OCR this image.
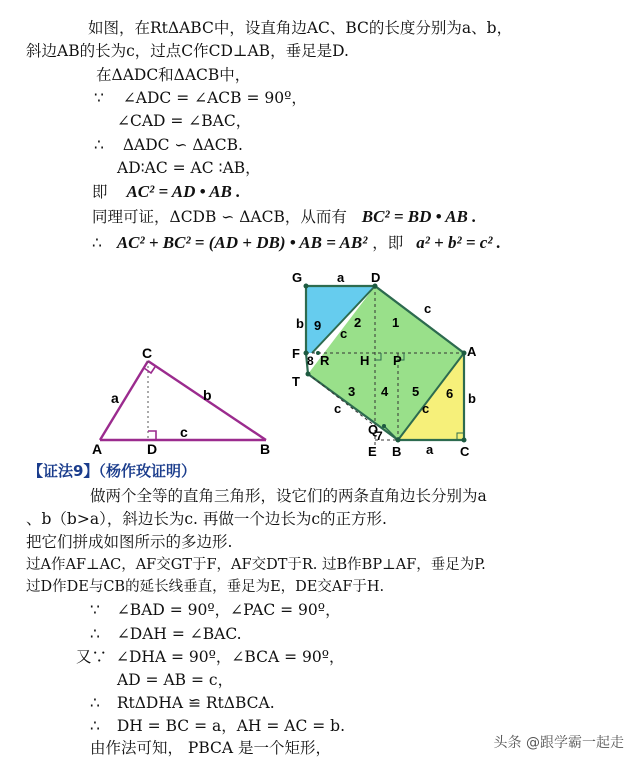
如图，在RtΔABC中，设直角边AC、BC的长度分别为a、b，
斜边AB的长为c，过点C作CD⊥AB，垂足是D.
在ΔADC和ΔACB中，
∵ ∠ADC = ∠ACB = 90º，
∠CAD = ∠BAC，
∴ ΔADC ∽ ΔACB.
AD∶AC = AC ∶AB，
即 AC² = AD • AB .
同理可证，ΔCDB ∽ ΔACB，从而有 BC² = BD • AB .
∴ AC² + BC² = (AD + DB) • AB = AB² ，即 a² + b² = c² .
C
A	D	B
a	b
c
G	D
F R H P
A
T
Q
E B	C
a
b
c
b
a
c
c
c
1
2
3 4 5 6
7
8
9
【证法9】（杨作玫证明）
做两个全等的直角三角形，设它们的两条直角边长分别为a
、b（b>a），斜边长为c. 再做一个边长为c的正方形.
把它们拼成如图所示的多边形.
过A作AF⊥AC，AF交GT于F，AF交DT于R. 过B作BP⊥AF，垂足为P.
过D作DE与CB的延长线垂直，垂足为E，DE交AF于H.
∵ ∠BAD = 90º，∠PAC = 90º，
∴ ∠DAH = ∠BAC.
又∵ ∠DHA = 90º，∠BCA = 90º，
AD = AB = c，
∴ RtΔDHA ≌ RtΔBCA.
∴ DH = BC = a，AH = AC = b.
由作法可知， PBCA 是一个矩形，	头条 @跟学霸一起走
